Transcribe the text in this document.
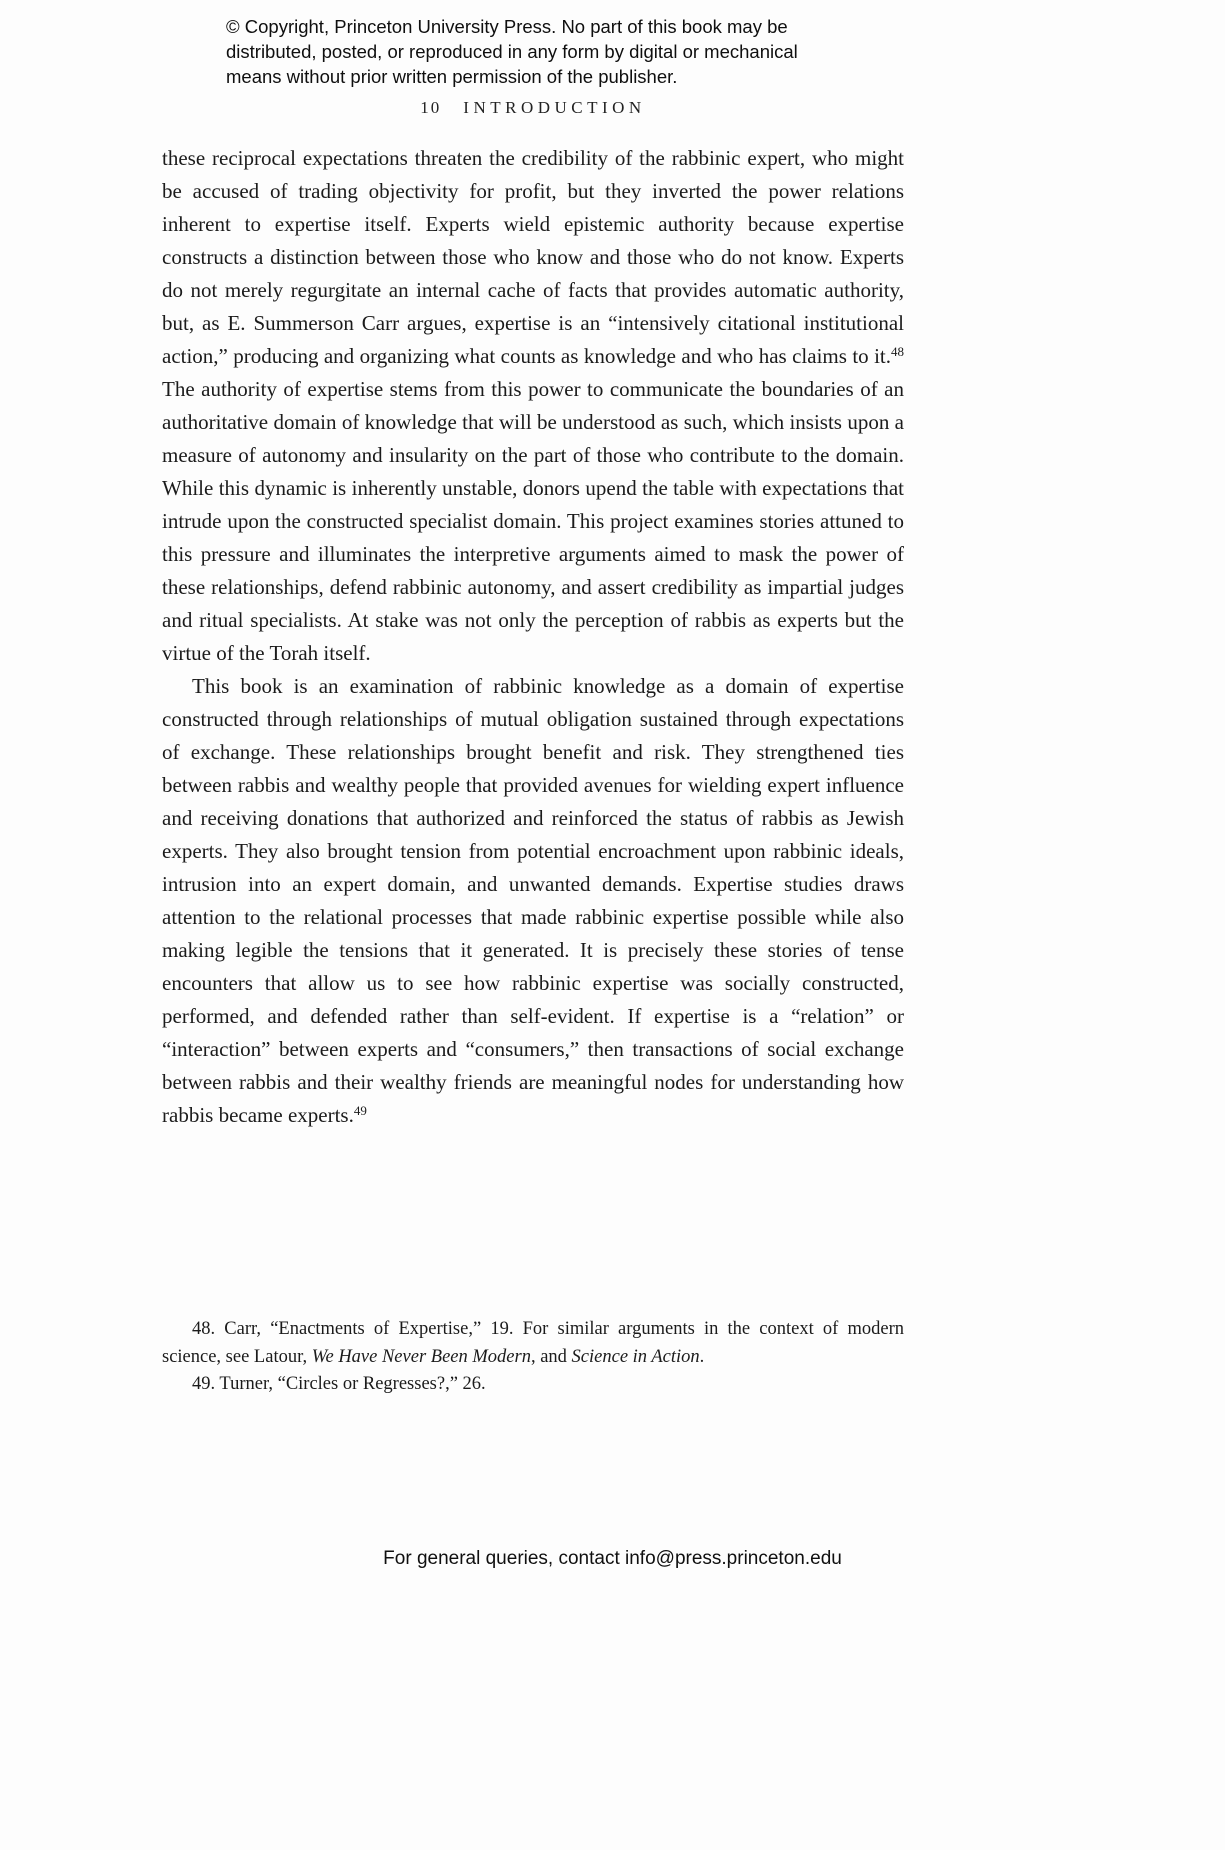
© Copyright, Princeton University Press. No part of this book may be distributed, posted, or reproduced in any form by digital or mechanical means without prior written permission of the publisher.
10 INTRODUCTION

these reciprocal expectations threaten the credibility of the rabbinic expert, who might be accused of trading objectivity for profit, but they inverted the power relations inherent to expertise itself. Experts wield epistemic authority because expertise constructs a distinction between those who know and those who do not know. Experts do not merely regurgitate an internal cache of facts that provides automatic authority, but, as E. Summerson Carr argues, expertise is an “intensively citational institutional action,” producing and organizing what counts as knowledge and who has claims to it.$^{48}$ The authority of expertise stems from this power to communicate the boundaries of an authoritative domain of knowledge that will be understood as such, which insists upon a measure of autonomy and insularity on the part of those who contribute to the domain. While this dynamic is inherently unstable, donors upend the table with expectations that intrude upon the constructed specialist domain. This project examines stories attuned to this pressure and illuminates the interpretive arguments aimed to mask the power of these relationships, defend rabbinic autonomy, and assert credibility as impartial judges and ritual specialists. At stake was not only the perception of rabbis as experts but the virtue of the Torah itself.

This book is an examination of rabbinic knowledge as a domain of expertise constructed through relationships of mutual obligation sustained through expectations of exchange. These relationships brought benefit and risk. They strengthened ties between rabbis and wealthy people that provided avenues for wielding expert influence and receiving donations that authorized and reinforced the status of rabbis as Jewish experts. They also brought tension from potential encroachment upon rabbinic ideals, intrusion into an expert domain, and unwanted demands. Expertise studies draws attention to the relational processes that made rabbinic expertise possible while also making legible the tensions that it generated. It is precisely these stories of tense encounters that allow us to see how rabbinic expertise was socially constructed, performed, and defended rather than self-evident. If expertise is a “relation” or “interaction” between experts and “consumers,” then transactions of social exchange between rabbis and their wealthy friends are meaningful nodes for understanding how rabbis became experts.$^{49}$

48. Carr, “Enactments of Expertise,” 19. For similar arguments in the context of modern science, see Latour, We Have Never Been Modern, and Science in Action.

49. Turner, “Circles or Regresses?,” 26.

For general queries, contact info@press.princeton.edu
